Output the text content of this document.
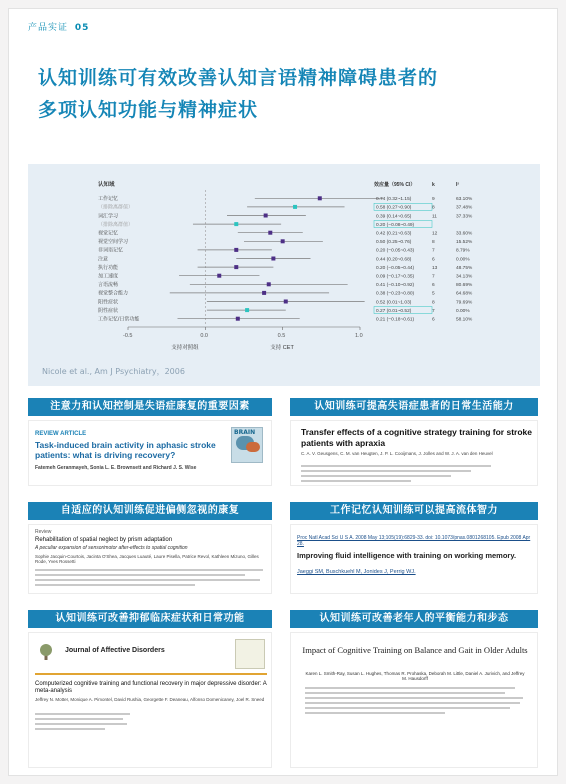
产品实证 05
认知训练可有效改善认知言语精神障碍患者的
多项认知功能与精神症状
认知域	效应量（95% CI）	k	I²
-0.5	0.0	0.5	1.0
支持对照组	支持 CET
工作记忆	0.74 (0.32~1.15)	9	63.10%
（排除离群值）	0.58 (0.27~0.90)	8	37.48%
词汇学习	0.39 (0.14~0.65)	11	37.33%
（排除离群值）	0.20 (−0.08~0.49)
视觉记忆	0.42 (0.21~0.63)	12	33.60%
视觉空间学习	0.50 (0.25~0.76)	8	15.52%
非词语记忆	0.20 (−0.05~0.43)	7	8.79%
注意	0.44 (0.20~0.68)	6	0.00%
执行功能	0.20 (−0.05~0.44)	13	48.75%
加工速度	0.09 (−0.17~0.35)	7	34.13%
言语流畅	0.41 (−0.10~0.92)	6	80.69%
视觉整合能力	0.38 (−0.23~0.80)	5	64.68%
阳性症状	0.52 (0.01~1.03)	8	79.69%
阴性症状	0.27 (0.01~0.52)	7	0.00%
工作记忆/日常功能	0.21 (−0.18~0.61)	6	58.10%
Nicole et al., Am J Psychiatry，2006
注意力和认知控制是失语症康复的重要因素
REVIEW ARTICLE
Task-induced brain activity in aphasic stroke patients: what is driving recovery?
Fatemeh Geranmayeh, Sonia L. E. Brownsett and Richard J. S. Wise
BRAIN
认知训练可提高失语症患者的日常生活能力
Transfer effects of a cognitive strategy training for stroke patients with apraxia
C. A. V. Geusgens, C. M. van Heugten, J. P. L. Cooijmans, J. Jolles and W. J. A. van den Heuvel
自适应的认知训练促进偏侧忽视的康复
Review
Rehabilitation of spatial neglect by prism adaptation
A peculiar expansion of sensorimotor after-effects to spatial cognition
Sophie Jacquin-Courtois, Jacinta O'Shea, Jacques Luauté, Laure Pisella, Patrice Revol, Kathleen Mizuno, Gilles Rode, Yves Rossetti
工作记忆认知训练可以提高流体智力
Proc Natl Acad Sci U S A. 2008 May 13;105(19):6829-33. doi: 10.1073/pnas.0801268105. Epub 2008 Apr 28.
Improving fluid intelligence with training on working memory.
Jaeggi SM, Buschkuehl M, Jonides J, Perrig WJ.
认知训练可改善抑郁临床症状和日常功能
Journal of Affective Disorders
Computerized cognitive training and functional recovery in major depressive disorder: A meta-analysis
Jeffrey N. Motter, Monique A. Pimontel, David Rushia, Georgette F. Deaneau, Alfonso Domenicaney, Joel R. Sneed
认知训练可改善老年人的平衡能力和步态
Impact of Cognitive Training on Balance and Gait in Older Adults
Karen L. Smith-Ray, Susan L. Hughes, Thomas R. Prohaska, Deborah M. Little, Daniel A. Jurivich, and Jeffrey M. Hausdorff
